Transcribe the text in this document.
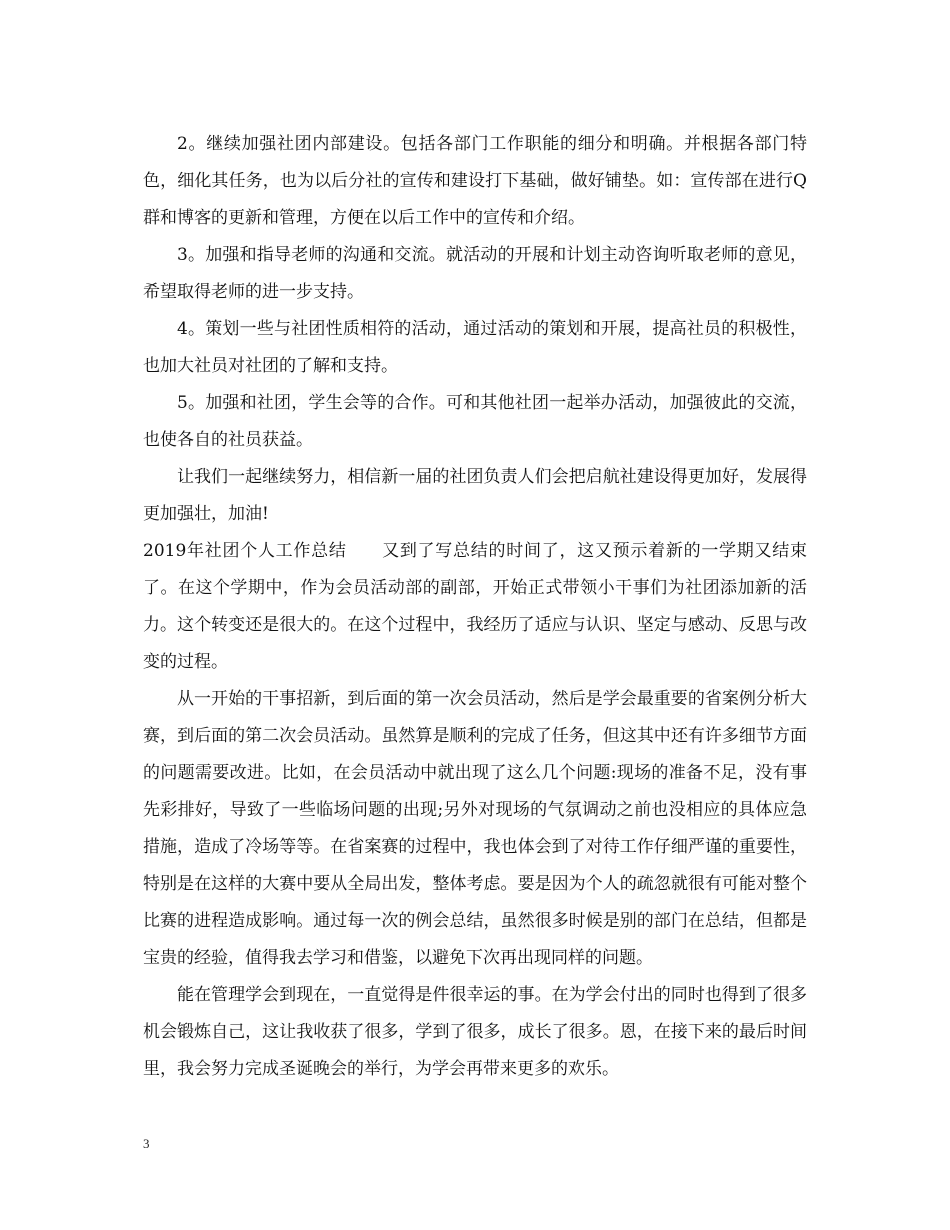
2。继续加强社团内部建设。包括各部门工作职能的细分和明确。并根据各部门特色，细化其任务，也为以后分社的宣传和建设打下基础，做好铺垫。如：宣传部在进行Q群和博客的更新和管理，方便在以后工作中的宣传和介绍。

3。加强和指导老师的沟通和交流。就活动的开展和计划主动咨询听取老师的意见，希望取得老师的进一步支持。

4。策划一些与社团性质相符的活动，通过活动的策划和开展，提高社员的积极性，也加大社员对社团的了解和支持。

5。加强和社团，学生会等的合作。可和其他社团一起举办活动，加强彼此的交流，也使各自的社员获益。

让我们一起继续努力，相信新一届的社团负责人们会把启航社建设得更加好，发展得更加强壮，加油!

2019年社团个人工作总结　　又到了写总结的时间了，这又预示着新的一学期又结束了。在这个学期中，作为会员活动部的副部，开始正式带领小干事们为社团添加新的活力。这个转变还是很大的。在这个过程中，我经历了适应与认识、坚定与感动、反思与改变的过程。

从一开始的干事招新，到后面的第一次会员活动，然后是学会最重要的省案例分析大赛，到后面的第二次会员活动。虽然算是顺利的完成了任务，但这其中还有许多细节方面的问题需要改进。比如，在会员活动中就出现了这么几个问题:现场的准备不足，没有事先彩排好，导致了一些临场问题的出现;另外对现场的气氛调动之前也没相应的具体应急措施，造成了冷场等等。在省案赛的过程中，我也体会到了对待工作仔细严谨的重要性，特别是在这样的大赛中要从全局出发，整体考虑。要是因为个人的疏忽就很有可能对整个比赛的进程造成影响。通过每一次的例会总结，虽然很多时候是别的部门在总结，但都是宝贵的经验，值得我去学习和借鉴，以避免下次再出现同样的问题。

能在管理学会到现在，一直觉得是件很幸运的事。在为学会付出的同时也得到了很多机会锻炼自己，这让我收获了很多，学到了很多，成长了很多。恩，在接下来的最后时间里，我会努力完成圣诞晚会的举行，为学会再带来更多的欢乐。

3
